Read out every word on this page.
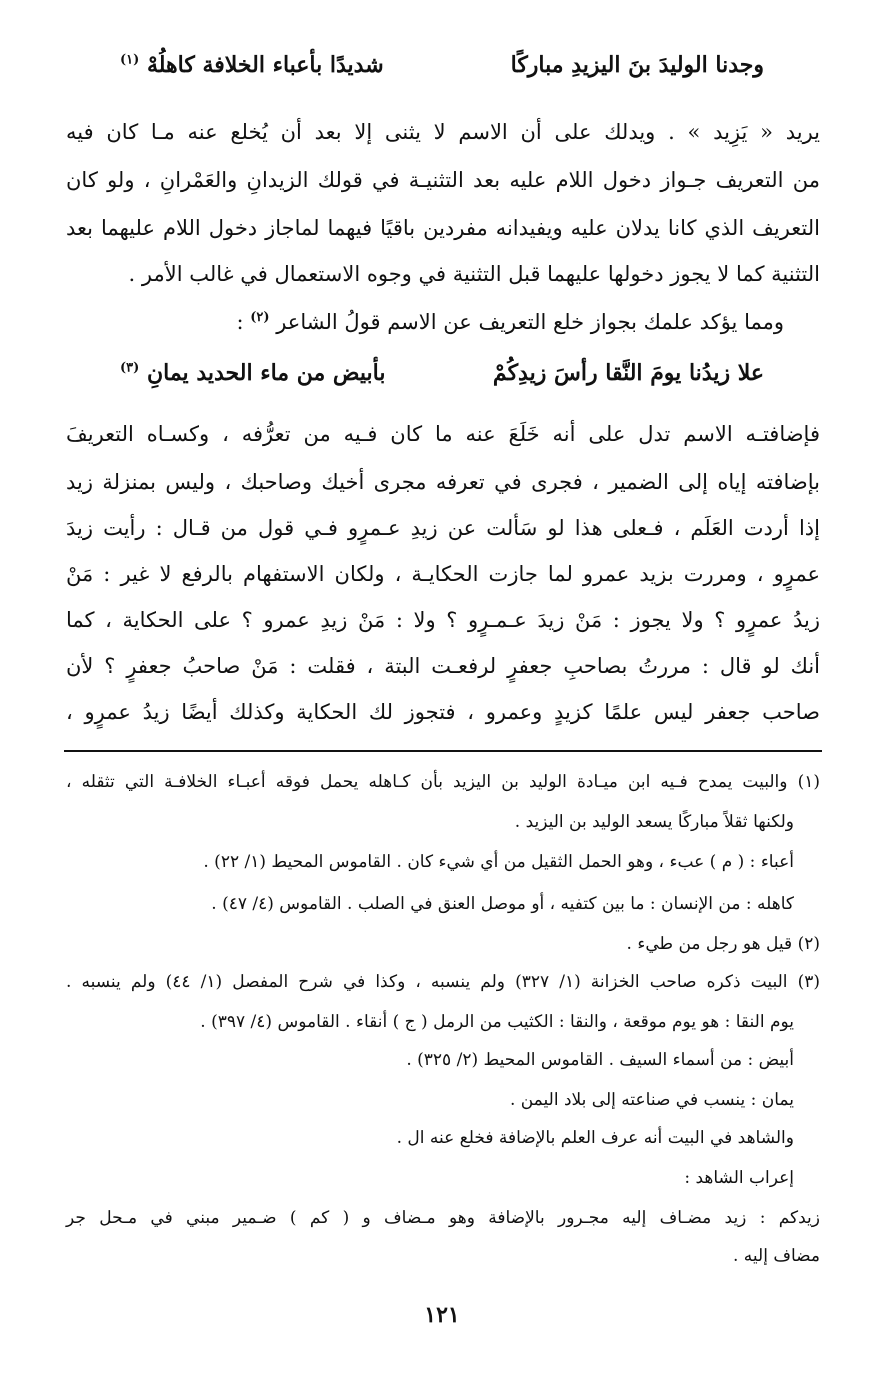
وجدنا الوليدَ بنَ اليزيدِ مباركًا
شديدًا بأعباء الخلافة كاهلُهْ $^{(١)}$
يريد « يَزِيد » . ويدلك على أن الاسم لا يثنى إلا بعد أن يُخلع عنه مـا كان فيه
من التعريف جـواز دخول اللام عليه بعد التثنيـة في قولك الزيدانِ والعَمْرانِ ، ولو كان
التعريف الذي كانا يدلان عليه ويفيدانه مفردين باقيًا فيهما لماجاز دخول اللام عليهما بعد
التثنية كما لا يجوز دخولها عليهما قبل التثنية في وجوه الاستعمال في غالب الأمر .
ومما يؤكد علمك بجواز خلع التعريف عن الاسم قولُ الشاعر $^{(٢)}$ :
علا زيدُنا يومَ النَّقا رأسَ زيدِكُمْ
بأبيض من ماء الحديد يمانِ $^{(٣)}$
فإضافتـه الاسم تدل على أنه خَلَعَ عنه ما كان فـيه من تعرُّفه ، وكسـاه التعريفَ
بإضافته إياه إلى الضمير ، فجرى في تعرفه مجرى أخيك وصاحبك ، وليس بمنزلة زيد
إذا أردت العَلَم ، فـعلى هذا لو سَألت عن زيدِ عـمرٍو فـي قول من قـال : رأيت زيدَ
عمرٍو ، ومررت بزيد عمرو لما جازت الحكايـة ، ولكان الاستفهام بالرفع لا غير : مَنْ
زيدُ عمرٍو ؟ ولا يجوز : مَنْ زيدَ عـمـرٍو ؟ ولا : مَنْ زيدِ عمرو ؟ على الحكاية ، كما
أنك لو قال : مررتُ بصاحبِ جعفرٍ لرفعـت البتة ، فقلت : مَنْ صاحبُ جعفرٍ ؟ لأن
صاحب جعفر ليس علمًا كزيدٍ وعمرو ، فتجوز لك الحكاية وكذلك أيضًا زيدُ عمرٍو ،
(١) والبيت يمدح فـيه ابن ميـادة الوليد بن اليزيد بأن كـاهله يحمل فوقه أعبـاء الخلافـة التي تثقله ،
ولكنها ثقلاً مباركًا يسعد الوليد بن اليزيد .
أعباء : ( م ) عبء ، وهو الحمل الثقيل من أي شيء كان . القاموس المحيط (١/ ٢٢) .
كاهله : من الإنسان : ما بين كتفيه ، أو موصل العنق في الصلب . القاموس (٤/ ٤٧) .
(٢) قيل هو رجل من طيء .
(٣) البيت ذكره صاحب الخزانة (١/ ٣٢٧) ولم ينسبه ، وكذا في شرح المفصل (١/ ٤٤) ولم ينسبه .
يوم النقا : هو يوم موقعة ، والنقا : الكثيب من الرمل ( ج ) أنقاء . القاموس (٤/ ٣٩٧) .
أبيض : من أسماء السيف . القاموس المحيط (٢/ ٣٢٥) .
يمان : ينسب في صناعته إلى بلاد اليمن .
والشاهد في البيت أنه عرف العلم بالإضافة فخلع عنه ال .
إعراب الشاهد :
زيدكم : زيد مضـاف إليه مجـرور بالإضافة وهو مـضاف و ( كم ) ضـمير مبني في مـحل جر
مضاف إليه .
١٢١
